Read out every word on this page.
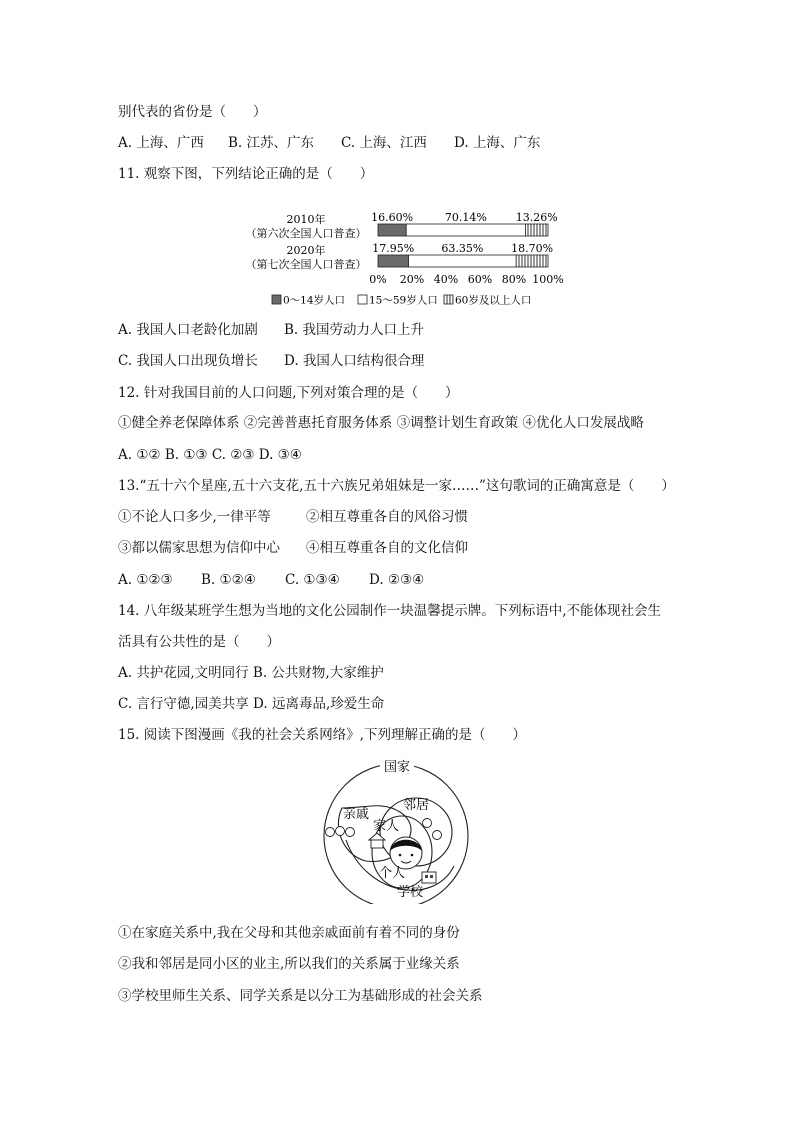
别代表的省份是（　　）
A. 上海、广西 B. 江苏、广东 C. 上海、江西 D. 上海、广东
11. 观察下图，下列结论正确的是（　　）
2010年
（第六次全国人口普查）
16.60%	70.14%	13.26%
2020年
（第七次全国人口普查）
17.95% 63.35%	18.70%
0% 20% 40% 60% 80% 100%
0～14岁人口 15～59岁人口 60岁及以上人口
A. 我国人口老龄化加剧 B. 我国劳动力人口上升
C. 我国人口出现负增长 D. 我国人口结构很合理
12. 针对我国目前的人口问题,下列对策合理的是（　　）
①健全养老保障体系 ②完善普惠托育服务体系 ③调整计划生育政策 ④优化人口发展战略
A. ①② B. ①③ C. ②③ D. ③④
13.“五十六个星座,五十六支花,五十六族兄弟姐妹是一家……”这句歌词的正确寓意是（　　）
①不论人口多少,一律平等	②相互尊重各自的风俗习惯
③都以儒家思想为信仰中心 ④相互尊重各自的文化信仰
A. ①②③ B. ①②④ C. ①③④ D. ②③④
14. 八年级某班学生想为当地的文化公园制作一块温馨提示牌。下列标语中,不能体现社会生
活具有公共性的是（　　）
A. 共护花园,文明同行 B. 公共财物,大家维护
C. 言行守德,园美共享 D. 远离毒品,珍爱生命
15. 阅读下图漫画《我的社会关系网络》,下列理解正确的是（　　）
国家
亲戚
邻居
家人
个人
学校
①在家庭关系中,我在父母和其他亲戚面前有着不同的身份
②我和邻居是同小区的业主,所以我们的关系属于业缘关系
③学校里师生关系、同学关系是以分工为基础形成的社会关系
